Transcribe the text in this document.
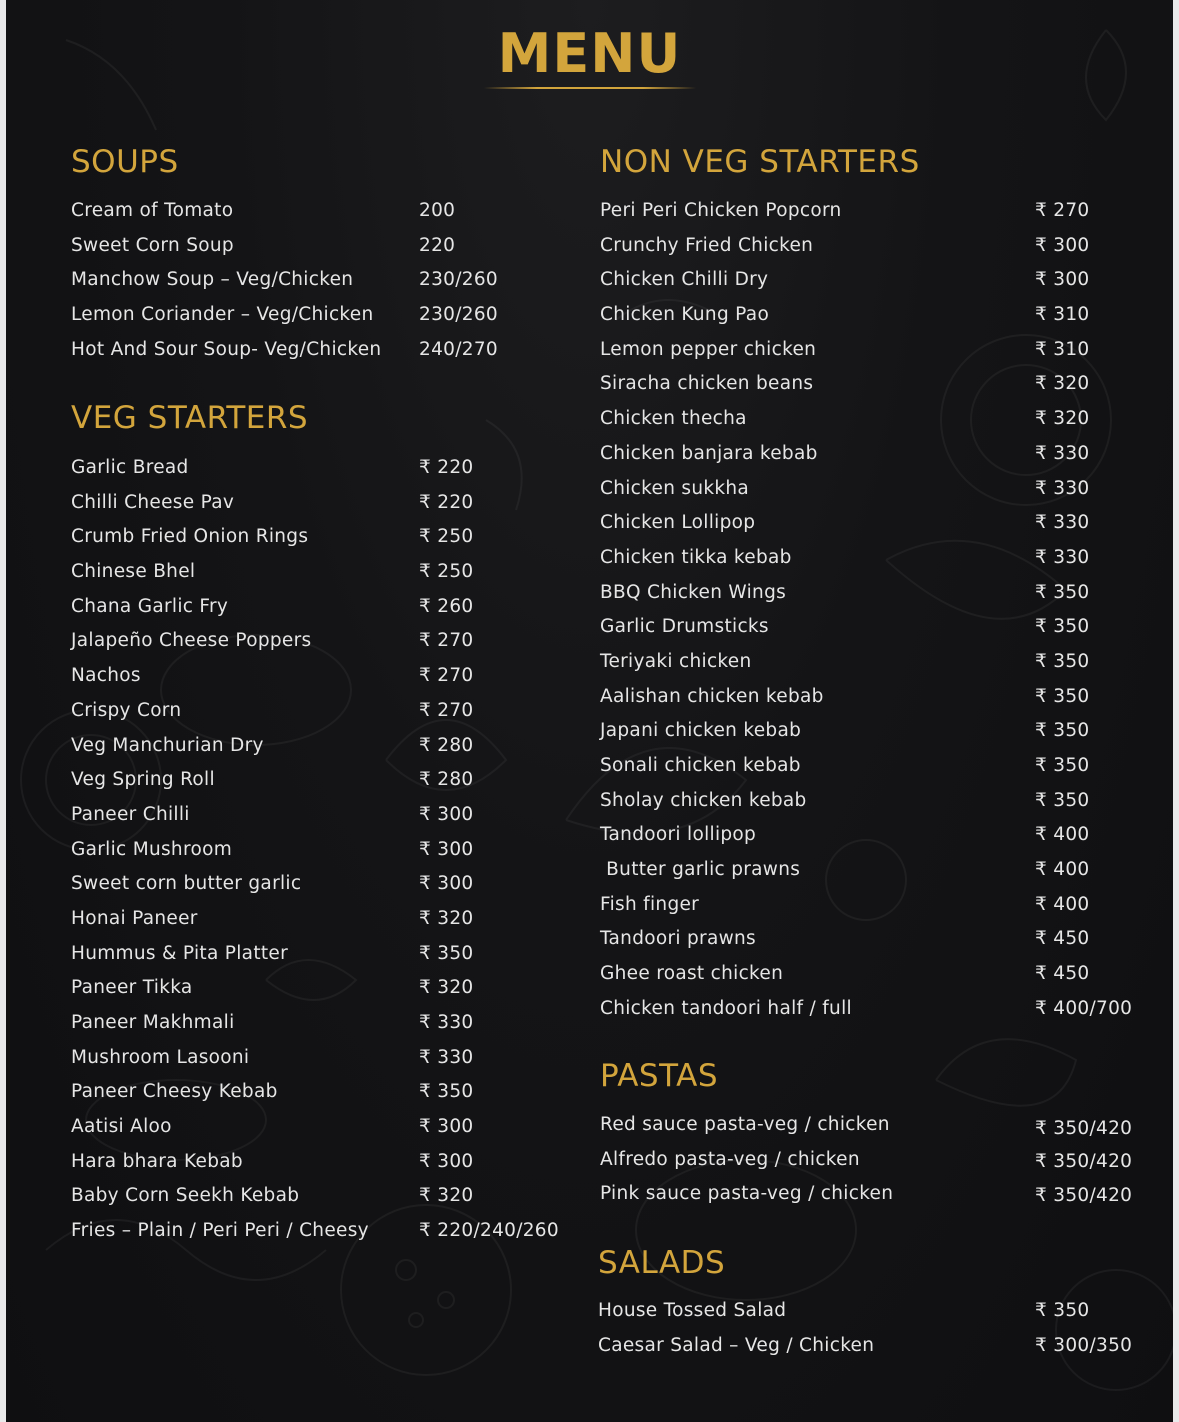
MENU
SOUPS
Cream of Tomato	200
Sweet Corn Soup	220
Manchow Soup – Veg/Chicken	230/260
Lemon Coriander – Veg/Chicken 230/260
Hot And Sour Soup- Veg/Chicken 240/270
VEG STARTERS
Garlic Bread	₹ 220
Chilli Cheese Pav	₹ 220
Crumb Fried Onion Rings	₹ 250
Chinese Bhel	₹ 250
Chana Garlic Fry	₹ 260
Jalapeño Cheese Poppers	₹ 270
Nachos	₹ 270
Crispy Corn	₹ 270
Veg Manchurian Dry	₹ 280
Veg Spring Roll	₹ 280
Paneer Chilli	₹ 300
Garlic Mushroom	₹ 300
Sweet corn butter garlic	₹ 300
Honai Paneer	₹ 320
Hummus & Pita Platter	₹ 350
Paneer Tikka	₹ 320
Paneer Makhmali	₹ 330
Mushroom Lasooni	₹ 330
Paneer Cheesy Kebab	₹ 350
Aatisi Aloo	₹ 300
Hara bhara Kebab	₹ 300
Baby Corn Seekh Kebab	₹ 320
Fries – Plain / Peri Peri / Cheesy	₹ 220/240/260
NON VEG STARTERS
Peri Peri Chicken Popcorn	₹ 270
Crunchy Fried Chicken	₹ 300
Chicken Chilli Dry	₹ 300
Chicken Kung Pao	₹ 310
Lemon pepper chicken	₹ 310
Siracha chicken beans	₹ 320
Chicken thecha	₹ 320
Chicken banjara kebab	₹ 330
Chicken sukkha	₹ 330
Chicken Lollipop	₹ 330
Chicken tikka kebab	₹ 330
BBQ Chicken Wings	₹ 350
Garlic Drumsticks	₹ 350
Teriyaki chicken	₹ 350
Aalishan chicken kebab	₹ 350
Japani chicken kebab	₹ 350
Sonali chicken kebab	₹ 350
Sholay chicken kebab	₹ 350
Tandoori lollipop	₹ 400
Butter garlic prawns	₹ 400
Fish finger	₹ 400
Tandoori prawns	₹ 450
Ghee roast chicken	₹ 450
Chicken tandoori half / full	₹ 400/700
PASTAS
Red sauce pasta-veg / chicken	₹ 350/420
Alfredo pasta-veg / chicken	₹ 350/420
Pink sauce pasta-veg / chicken	₹ 350/420
SALADS
House Tossed Salad	₹ 350
Caesar Salad – Veg / Chicken	₹ 300/350
